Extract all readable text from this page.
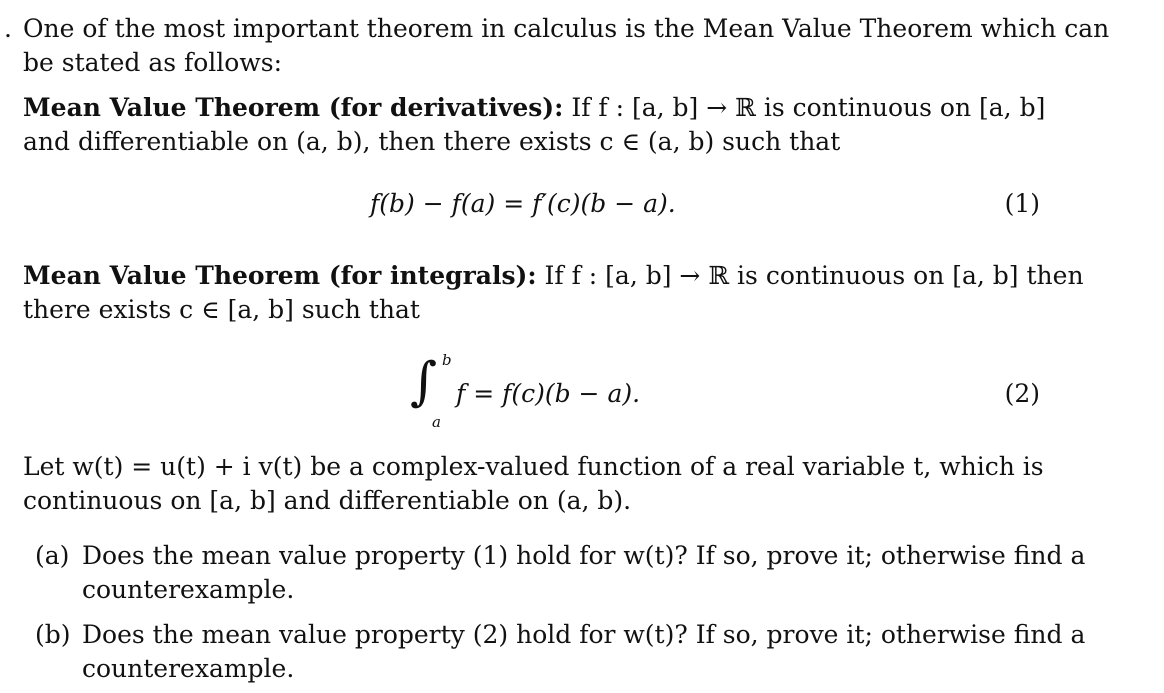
. One of the most important theorem in calculus is the Mean Value Theorem which can
be stated as follows:
Mean Value Theorem (for derivatives): If f : [a, b] → ℝ is continuous on [a, b]
and differentiable on (a, b), then there exists c ∈ (a, b) such that
f(b) − f(a) = f′(c)(b − a).	(1)
Mean Value Theorem (for integrals): If f : [a, b] → ℝ is continuous on [a, b] then
there exists c ∈ [a, b] such that
∫ b
a
f = f(c)(b − a).	(2)
Let w(t) = u(t) + i v(t) be a complex-valued function of a real variable t, which is
continuous on [a, b] and differentiable on (a, b).
(a) Does the mean value property (1) hold for w(t)? If so, prove it; otherwise find a
counterexample.
(b) Does the mean value property (2) hold for w(t)? If so, prove it; otherwise find a
counterexample.
